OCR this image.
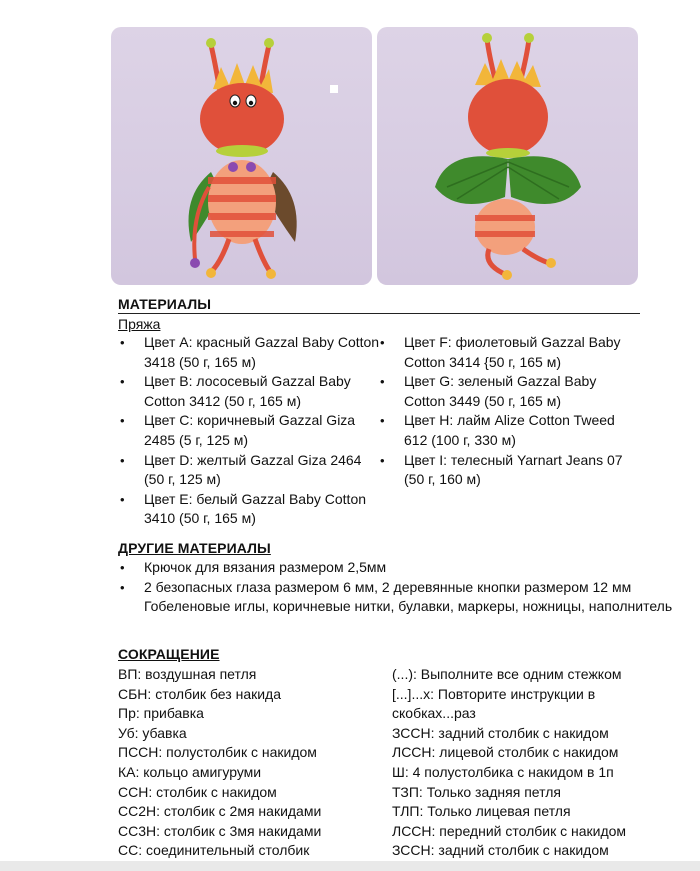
МАТЕРИАЛЫ
Пряжа
• Цвет A: красный Gazzal Baby Cotton 3418 (50 г, 165 м)
• Цвет B: лососевый Gazzal Baby Cotton 3412 (50 г, 165 м)
• Цвет C: коричневый Gazzal Giza 2485 (5 г, 125 м)
• Цвет D: желтый Gazzal Giza 2464 (50 г, 125 м)
• Цвет E: белый Gazzal Baby Cotton 3410 (50 г, 165 м)
• Цвет F: фиолетовый Gazzal Baby Cotton 3414 {50 г, 165 м)
• Цвет G: зеленый Gazzal Baby Cotton 3449 (50 г, 165 м)
• Цвет H: лайм Alize Cotton Tweed 612 (100 г, 330 м)
• Цвет I: телесный Yarnart Jeans 07 (50 г, 160 м)
ДРУГИЕ МАТЕРИАЛЫ
• Крючок для вязания размером 2,5мм
• 2 безопасных глаза размером 6 мм, 2 деревянные кнопки размером 12 мм Гобеленовые иглы, коричневые нитки, булавки, маркеры, ножницы, наполнитель
СОКРАЩЕНИЕ
ВП: воздушная петля
СБН: столбик без накида
Пр: прибавка
Уб: убавка
ПССН: полустолбик с накидом
КА: кольцо амигуруми
ССН: столбик с накидом
СС2Н: столбик с 2мя накидами
СС3Н: столбик с 3мя накидами
СС: соединительный столбик
(...): Выполните все одним стежком
[...]...x: Повторите инструкции в скобках...раз
ЗССН: задний столбик с накидом
ЛССН: лицевой столбик с накидом
Ш: 4 полустолбика с накидом в 1п
ТЗП: Только задняя петля
ТЛП: Только лицевая петля
ЛССН: передний столбик с накидом
ЗССН: задний столбик с накидом
